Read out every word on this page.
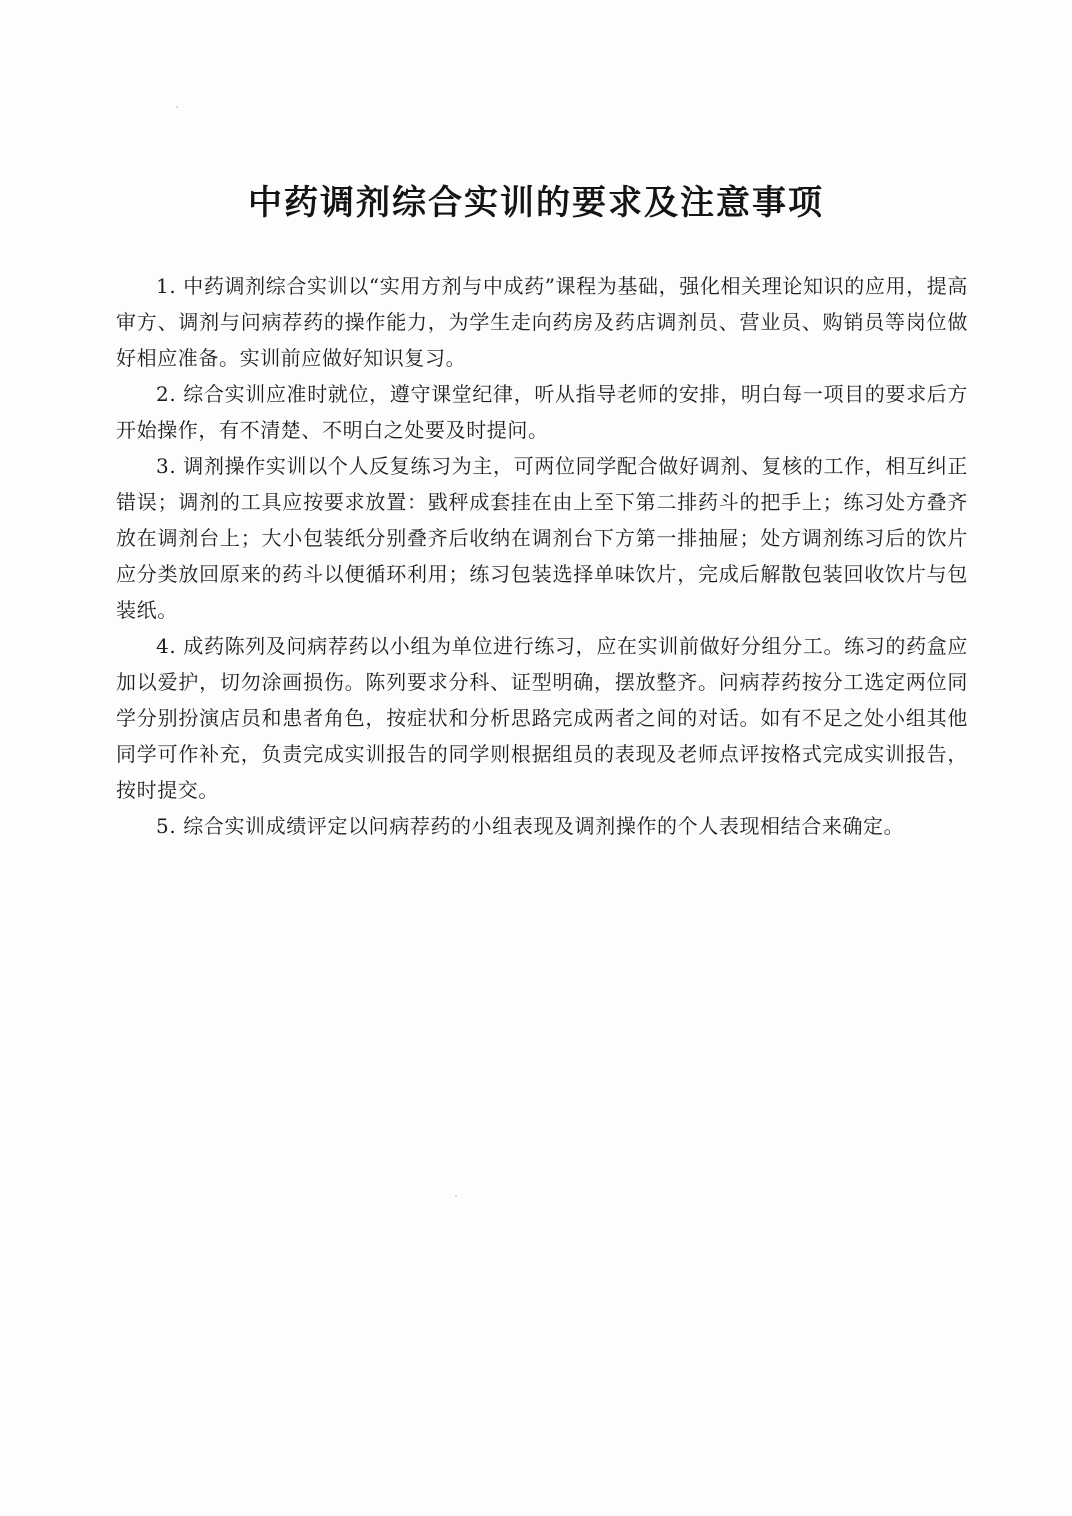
中药调剂综合实训的要求及注意事项

1. 中药调剂综合实训以“实用方剂与中成药”课程为基础，强化相关理论知识的应用，提高审方、调剂与问病荐药的操作能力，为学生走向药房及药店调剂员、营业员、购销员等岗位做好相应准备。实训前应做好知识复习。

2. 综合实训应准时就位，遵守课堂纪律，听从指导老师的安排，明白每一项目的要求后方开始操作，有不清楚、不明白之处要及时提问。

3. 调剂操作实训以个人反复练习为主，可两位同学配合做好调剂、复核的工作，相互纠正错误；调剂的工具应按要求放置：戥秤成套挂在由上至下第二排药斗的把手上；练习处方叠齐放在调剂台上；大小包装纸分别叠齐后收纳在调剂台下方第一排抽屉；处方调剂练习后的饮片应分类放回原来的药斗以便循环利用；练习包装选择单味饮片，完成后解散包装回收饮片与包装纸。

4. 成药陈列及问病荐药以小组为单位进行练习，应在实训前做好分组分工。练习的药盒应加以爱护，切勿涂画损伤。陈列要求分科、证型明确，摆放整齐。问病荐药按分工选定两位同学分别扮演店员和患者角色，按症状和分析思路完成两者之间的对话。如有不足之处小组其他同学可作补充，负责完成实训报告的同学则根据组员的表现及老师点评按格式完成实训报告，按时提交。

5. 综合实训成绩评定以问病荐药的小组表现及调剂操作的个人表现相结合来确定。
